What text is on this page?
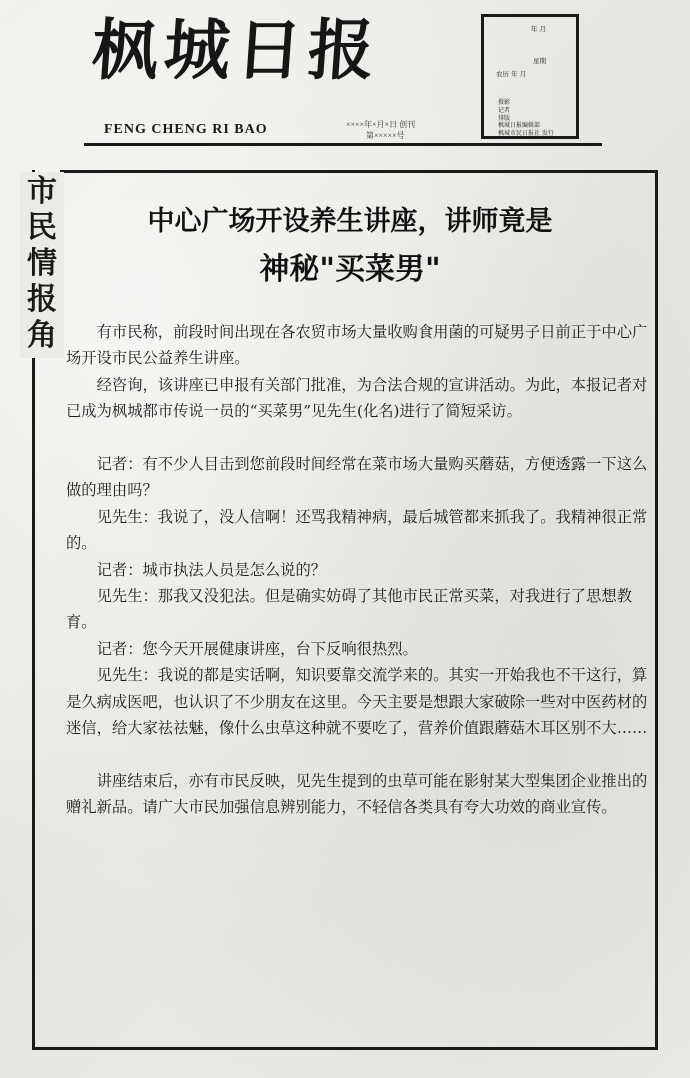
枫城日报
FENG CHENG RI BAO	××××年×月×日 创刊
第×××××号
年 月
星期
农历 年 月
摄影
记者
排版
枫城日报编辑部
枫城市民日报社 发行
市
民
情
报
角
中心广场开设养生讲座，讲师竟是
神秘"买菜男"

有市民称，前段时间出现在各农贸市场大量收购食用菌的可疑男子日前正于中心广场开设市民公益养生讲座。

经咨询，该讲座已申报有关部门批准，为合法合规的宣讲活动。为此，本报记者对已成为枫城都市传说一员的“买菜男”见先生(化名)进行了简短采访。

记者：有不少人目击到您前段时间经常在菜市场大量购买蘑菇，方便透露一下这么做的理由吗？

见先生：我说了，没人信啊！还骂我精神病，最后城管都来抓我了。我精神很正常的。

记者：城市执法人员是怎么说的？

见先生：那我又没犯法。但是确实妨碍了其他市民正常买菜，对我进行了思想教育。

记者：您今天开展健康讲座，台下反响很热烈。

见先生：我说的都是实话啊，知识要靠交流学来的。其实一开始我也不干这行，算是久病成医吧，也认识了不少朋友在这里。今天主要是想跟大家破除一些对中医药材的迷信，给大家祛祛魅，像什么虫草这种就不要吃了，营养价值跟蘑菇木耳区别不大……

讲座结束后，亦有市民反映，见先生提到的虫草可能在影射某大型集团企业推出的赠礼新品。请广大市民加强信息辨别能力，不轻信各类具有夸大功效的商业宣传。
